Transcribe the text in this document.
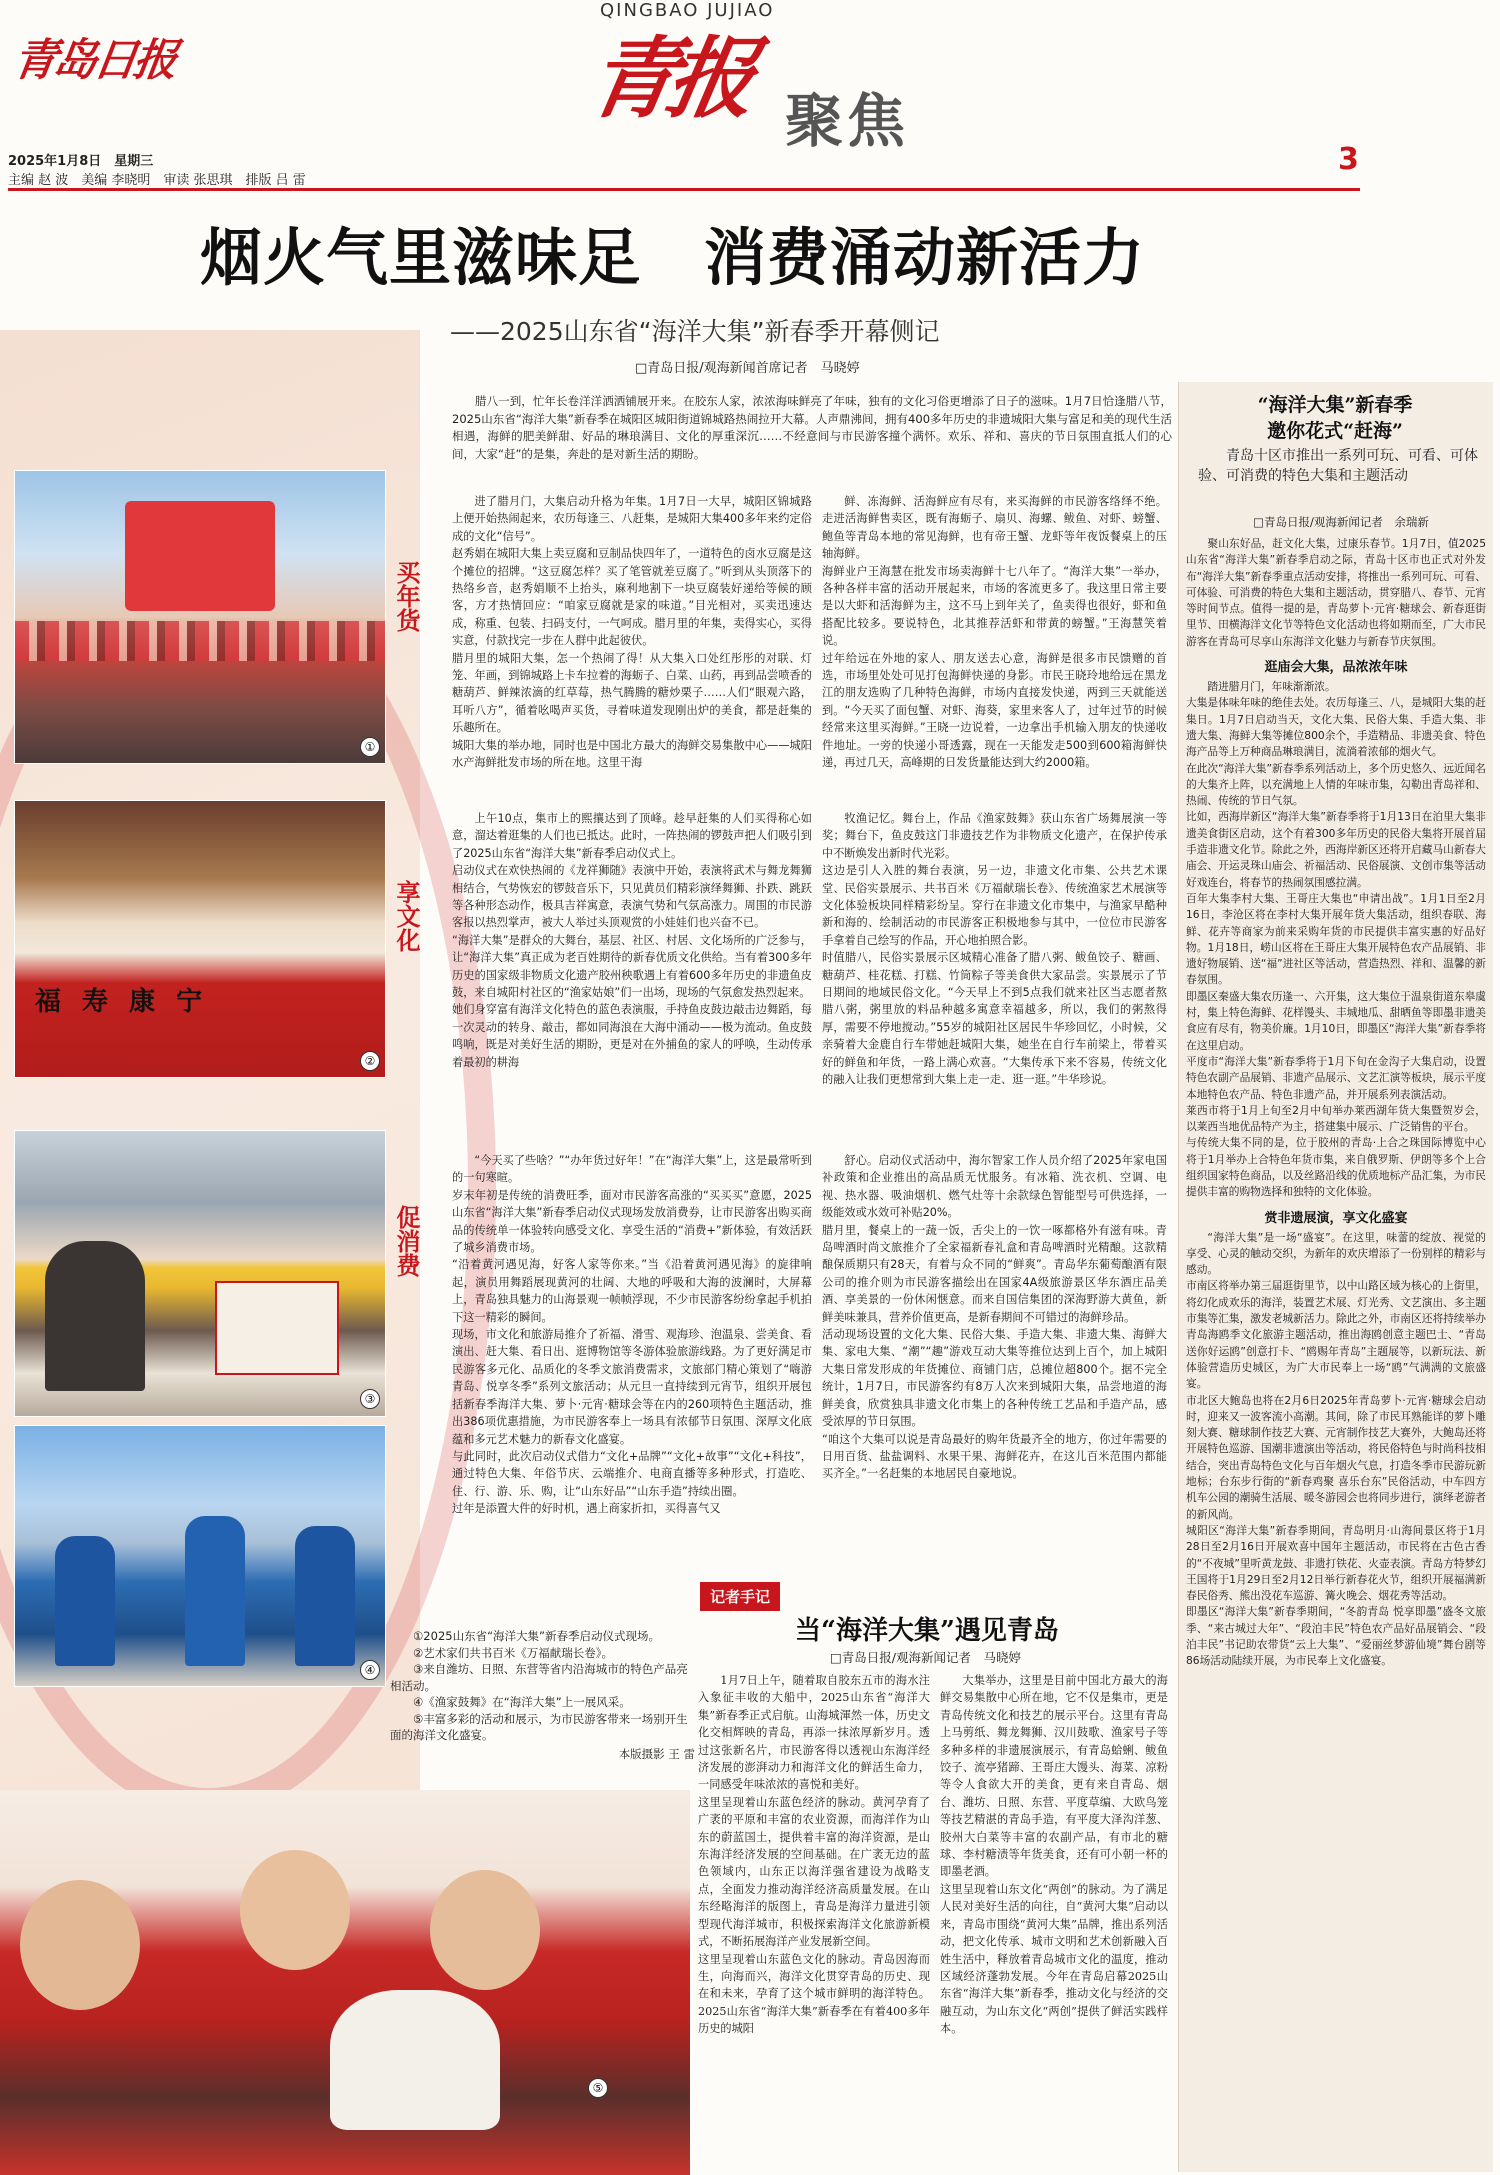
QINGBAO JUJIAO
青岛日报	青报 聚焦
2025年1月8日　星期三
主编 赵 波　美编 李晓明　审读 张思琪　排版 吕 雷
3
烟火气里滋味足　消费涌动新活力
——2025山东省“海洋大集”新春季开幕侧记
□青岛日报/观海新闻首席记者　马晓婷
腊八一到，忙年长卷洋洋洒洒铺展开来。在胶东人家，浓浓海味鲜亮了年味，独有的文化习俗更增添了日子的滋味。1月7日恰逢腊八节，2025山东省“海洋大集”新春季在城阳区城阳街道锦城路热闹拉开大幕。人声鼎沸间，拥有400多年历史的非遗城阳大集与富足和美的现代生活相遇，海鲜的肥美鲜甜、好品的琳琅满目、文化的厚重深沉……不经意间与市民游客撞个满怀。欢乐、祥和、喜庆的节日氛围直抵人们的心间，大家“赶”的是集，奔赴的是对新生活的期盼。
①
买年货
福 寿 康 宁
②
享文化
③
促消费
④
⑤
①2025山东省“海洋大集”新春季启动仪式现场。
②艺术家们共书百米《万福献瑞长卷》。
③来自潍坊、日照、东营等省内沿海城市的特色产品亮相活动。
④《渔家鼓舞》在“海洋大集”上一展风采。
⑤丰富多彩的活动和展示，为市民游客带来一场别开生面的海洋文化盛宴。
本版摄影 王 雷
进了腊月门，大集启动升格为年集。1月7日一大早，城阳区锦城路上便开始热闹起来，农历每逢三、八赶集，是城阳大集400多年来约定俗成的文化“信号”。
赵秀娟在城阳大集上卖豆腐和豆制品快四年了，一道特色的卤水豆腐是这个摊位的招牌。“这豆腐怎样？买了笔管就差豆腐了。”听到从头顶落下的热络乡音，赵秀娟顺不上抬头，麻利地割下一块豆腐装好递给等候的顾客，方才热情回应：“咱家豆腐就是家的味道。”目光相对，买卖迅速达成，称重、包装、扫码支付，一气呵成。腊月里的年集，卖得实心，买得实意，付款找完一步在人群中此起彼伏。
腊月里的城阳大集，怎一个热闹了得！从大集入口处红彤彤的对联、灯笼、年画，到锦城路上卡车拉着的海蛎子、白菜、山药，再到品尝喷香的糖葫芦、鲜辣浓滴的红草莓，热气腾腾的糖炒栗子……人们“眼观六路，耳听八方”，循着吆喝声买货，寻着味道发现刚出炉的美食，都是赶集的乐趣所在。
城阳大集的举办地，同时也是中国北方最大的海鲜交易集散中心——城阳水产海鲜批发市场的所在地。这里干海
鲜、冻海鲜、活海鲜应有尽有，来买海鲜的市民游客络绎不绝。走进活海鲜售卖区，既有海蛎子、扇贝、海螺、鲅鱼、对虾、螃蟹、鲍鱼等青岛本地的常见海鲜，也有帝王蟹、龙虾等年夜饭餐桌上的压轴海鲜。
海鲜业户王海慧在批发市场卖海鲜十七八年了。“海洋大集”一举办，各种各样丰富的活动开展起来，市场的客流更多了。我这里日常主要是以大虾和活海鲜为主，这不马上到年关了，鱼卖得也很好，虾和鱼搭配比较多。要说特色，北其推荐活虾和带黄的螃蟹。”王海慧笑着说。
过年给远在外地的家人、朋友送去心意，海鲜是很多市民馈赠的首选，市场里处处可见打包海鲜快递的身影。市民王晓玲地给远在黑龙江的朋友选购了几种特色海鲜，市场内直接发快递，两到三天就能送到。“今天买了面包蟹、对虾、海葵，家里来客人了，过年过节的时候经常来这里买海鲜。”王晓一边说着，一边拿出手机输入朋友的快递收件地址。一旁的快递小哥透露，现在一天能发走500到600箱海鲜快递，再过几天，高峰期的日发货量能达到大约2000箱。
上午10点，集市上的熙攘达到了顶峰。趁早赶集的人们买得称心如意，溜达着逛集的人们也已抵达。此时，一阵热闹的锣鼓声把人们吸引到了2025山东省“海洋大集”新春季启动仪式上。
启动仪式在欢快热闹的《龙祥狮随》表演中开始，表演将武术与舞龙舞狮相结合，气势恢宏的锣鼓音乐下，只见黄员们精彩演绎舞狮、扑跌、跳跃等各种形态动作，极具吉祥寓意，表演气势和气氛高涨力。周围的市民游客报以热烈掌声，被大人举过头顶观赏的小娃娃们也兴奋不已。
“海洋大集”是群众的大舞台，基层、社区、村居、文化场所的广泛参与，让“海洋大集”真正成为老百姓期待的新春优质文化供给。当有着300多年历史的国家级非物质文化遗产胶州秧歌遇上有着600多年历史的非遗鱼皮鼓，来自城阳村社区的“渔家姑娘”们一出场，现场的气氛愈发热烈起来。
她们身穿富有海洋文化特色的蓝色表演服，手持鱼皮鼓边敲击边舞蹈，每一次灵动的转身、敲击，都如同海浪在大海中涌动——极为流动。鱼皮鼓鸣响，既是对美好生活的期盼，更是对在外捕鱼的家人的呼唤，生动传承着最初的耕海
牧渔记忆。舞台上，作品《渔家鼓舞》获山东省广场舞展演一等奖；舞台下，鱼皮鼓这门非遗技艺作为非物质文化遗产，在保护传承中不断焕发出新时代光彩。
这边是引人入胜的舞台表演，另一边，非遗文化市集、公共艺术课堂、民俗实景展示、共书百米《万福献瑞长卷》、传统渔家艺术展演等文化体验板块同样精彩纷呈。穿行在非遗文化市集中，与渔家早酷种新和海的、绘制活动的市民游客正积极地参与其中，一位位市民游客手拿着自己绘写的作品，开心地拍照合影。
时值腊八，民俗实景展示区城精心准备了腊八粥、鲅鱼饺子、糖画、糖葫芦、桂花糕、打糕、竹筒粽子等美食供大家品尝。实景展示了节日期间的地域民俗文化。“今天早上不到5点我们就来社区当志愿者熬腊八粥，粥里放的料品种越多寓意幸福越多，所以，我们的粥熬得厚，需要不停地搅动。”55岁的城阳社区居民牛华珍回忆，小时候，父亲骑着大金鹿自行车带她赶城阳大集，她坐在自行车前梁上，带着买好的鲜鱼和年货，一路上满心欢喜。“大集传承下来不容易，传统文化的融入让我们更想常到大集上走一走、逛一逛。”牛华珍说。
“今天买了些啥？”“办年货过好年！”在“海洋大集”上，这是最常听到的一句寒暄。
岁末年初是传统的消费旺季，面对市民游客高涨的“买买买”意愿，2025山东省“海洋大集”新春季启动仪式现场发放消费券，让市民游客出购买商品的传统单一体验转向感受文化、享受生活的“消费+”新体验，有效活跃了城乡消费市场。
“沿着黄河遇见海，好客人家等你来。”当《沿着黄河遇见海》的旋律响起，演员用舞蹈展现黄河的壮阔、大地的呼吸和大海的波澜时，大屏幕上，青岛独具魅力的山海景观一帧帧浮现，不少市民游客纷纷拿起手机拍下这一精彩的瞬间。
现场，市文化和旅游局推介了祈福、滑雪、观海珍、泡温泉、尝美食、看演出、赶大集、看日出、逛博物馆等冬游体验旅游线路。为了更好满足市民游客多元化、品质化的冬季文旅消费需求，文旅部门精心策划了“嗨游青岛、悦享冬季”系列文旅活动；从元旦一直持续到元宵节，组织开展包括新春季海洋大集、萝卜·元宵·糖球会等在内的260项特色主题活动，推出386项优惠措施，为市民游客奉上一场具有浓郁节日氛围、深厚文化底蕴和多元艺术魅力的新春文化盛宴。
与此同时，此次启动仪式借力“文化+品牌”“文化+故事”“文化+科技”，通过特色大集、年俗节庆、云端推介、电商直播等多种形式，打造吃、住、行、游、乐、购，让“山东好品”“山东手造”持续出圈。
过年是添置大件的好时机，遇上商家折扣，买得喜气又
舒心。启动仪式活动中，海尔智家工作人员介绍了2025年家电国补政策和企业推出的高品质无忧服务。有冰箱、洗衣机、空调、电视、热水器、吸油烟机、燃气灶等十余款绿色智能型号可供选择，一级能效或水效可补贴20%。
腊月里，餐桌上的一蔬一饭，舌尖上的一饮一啄都格外有滋有味。青岛啤酒时尚文旅推介了全家福新春礼盒和青岛啤酒时光精酿。这款精酿保质期只有28天，有着与众不同的“鲜爽”。青岛华东葡萄酿酒有限公司的推介则为市民游客描绘出在国家4A级旅游景区华东酒庄品美酒、享美景的一份休闲惬意。而来自国信集团的深海野游大黄鱼，新鲜美味兼具，营养价值更高，是新春期间不可错过的海鲜珍品。
活动现场设置的文化大集、民俗大集、手造大集、非遗大集、海鲜大集、家电大集、“潮”“趣”游戏互动大集等推位达到上百个，加上城阳大集日常发形成的年货摊位、商铺门店，总摊位超800个。据不完全统计，1月7日，市民游客约有8万人次来到城阳大集，品尝地道的海鲜美食，欣赏独具非遗文化市集上的各种传统工艺品和手造产品，感受浓厚的节日氛围。
“咱这个大集可以说是青岛最好的购年货最齐全的地方，你过年需要的日用百货、盐盐调料、水果干果、海鲜花卉，在这儿百米范围内都能买齐全。”一名赶集的本地居民自豪地说。
记者手记
当“海洋大集”遇见青岛
□青岛日报/观海新闻记者　马晓婷
1月7日上午，随着取自胶东五市的海水注入象征丰收的大船中，2025山东省“海洋大集”新春季正式启航。山海城渾然一体，历史文化交相辉映的青岛，再添一抹浓厚新岁月。透过这张新名片，市民游客得以透视山东海洋经济发展的澎湃动力和海洋文化的鲜活生命力，一同感受年味浓浓的喜悦和美好。
这里呈现着山东蓝色经济的脉动。黄河孕育了广袤的平原和丰富的农业资源，而海洋作为山东的蔚蓝国土，提供着丰富的海洋资源，是山东海洋经济发展的空间基础。在广袤无边的蓝色领域内，山东正以海洋强省建设为战略支点，全面发力推动海洋经济高质量发展。在山东经略海洋的版图上，青岛是海洋力量进引领型现代海洋城市，积极探索海洋文化旅游新模式，不断拓展海洋产业发展新空间。
这里呈现着山东蓝色文化的脉动。青岛因海而生，向海而兴，海洋文化贯穿青岛的历史、现在和未来，孕育了这个城市鲜明的海洋特色。2025山东省“海洋大集”新春季在有着400多年历史的城阳
大集举办，这里是目前中国北方最大的海鲜交易集散中心所在地，它不仅是集市，更是青岛传统文化和技艺的展示平台。这里有青岛上马剪纸、舞龙舞狮、汉川鼓歌、渔家号子等多种多样的非遗展演展示，有青岛蛤蜊、鲅鱼饺子、流亭猪蹄、王哥庄大馒头、海菜、凉粉等令人食欲大开的美食，更有来自青岛、烟台、潍坊、日照、东营、平度草编、大欧鸟笼等技艺精湛的青岛手造，有平度大泽沟洋葱、胶州大白菜等丰富的农副产品，有市北的糖球、李村糖渍等年货美食，还有可小朝一杯的即墨老酒。
这里呈现着山东文化“两创”的脉动。为了满足人民对美好生活的向往，自“黄河大集”启动以来，青岛市围绕“黄河大集”品牌，推出系列活动，把文化传承、城市文明和艺术创新融入百姓生活中，释放着青岛城市文化的温度，推动区域经济蓬勃发展。今年在青岛启幕2025山东省“海洋大集”新春季，推动文化与经济的交融互动，为山东文化“两创”提供了鲜活实践样本。
“海洋大集”新春季
邀你花式“赶海”
青岛十区市推出一系列可玩、可看、可体验、可消费的特色大集和主题活动
□青岛日报/观海新闻记者　余瑞新
聚山东好品，赶文化大集，过康乐春节。1月7日，值2025山东省“海洋大集”新春季启动之际，青岛十区市也正式对外发布“海洋大集”新春季重点活动安排，将推出一系列可玩、可看、可体验、可消费的特色大集和主题活动，贯穿腊八、春节、元宵等时间节点。值得一提的是，青岛萝卜·元宵·糖球会、新春逛街里节、田横海洋文化节等特色文化活动也将如期而至，广大市民游客在青岛可尽享山东海洋文化魅力与新春节庆氛围。
逛庙会大集，品浓浓年味
踏进腊月门，年味渐渐浓。
大集是体味年味的绝佳去处。农历每逢三、八，是城阳大集的赶集日。1月7日启动当天，文化大集、民俗大集、手造大集、非遗大集、海鲜大集等摊位800余个，手造精品、非遗美食、特色海产品等上万种商品琳琅满目，流淌着浓郁的烟火气。
在此次“海洋大集”新春季系列活动上，多个历史悠久、远近闻名的大集齐上阵，以充满地上人情的年味市集，勾勒出青岛祥和、热闹、传统的节日气氛。
比如，西海岸新区“海洋大集”新春季将于1月13日在泊里大集非遗美食街区启动，这个有着300多年历史的民俗大集将开展首届手造非遗文化节。除此之外，西海岸新区还将开启藏马山新春大庙会、开运灵珠山庙会、祈福活动、民俗展演、文创市集等活动好戏连台，将春节的热闹氛围感拉满。
百年大集李村大集、王哥庄大集也“申请出战”。1月1日至2月16日，李沧区将在李村大集开展年货大集活动，组织春联、海鲜、花卉等商家为前来采购年货的市民提供丰富实惠的好品好物。1月18日，崂山区将在王哥庄大集开展特色农产品展销、非遗好物展销、送“福”进社区等活动，营造热烈、祥和、温馨的新春氛围。
即墨区秦盛大集农历逢一、六开集，这大集位于温泉街道东皋虞村，集上特色海鲜、花样馒头、丰城地瓜、甜晒鱼等即墨非遗美食应有尽有，物美价廉。1月10日，即墨区“海洋大集”新春季将在这里启动。
平度市“海洋大集”新春季将于1月下旬在金沟子大集启动，设置特色农副产品展销、非遗产品展示、文艺汇演等板块，展示平度本地特色农产品、特色非遗产品，并开展系列表演活动。
莱西市将于1月上旬至2月中旬举办莱西湖年货大集暨贺岁会，以莱西当地优品特产为主，搭建集中展示、广泛销售的平台。
与传统大集不同的是，位于胶州的青岛·上合之珠国际博览中心将于1月举办上合特色年货市集，来自俄罗斯、伊朗等多个上合组织国家特色商品，以及丝路沿线的优质地标产品汇集，为市民提供丰富的购物选择和独特的文化体验。
赏非遗展演，享文化盛宴
“海洋大集”是一场“盛宴”。在这里，味蕾的绽放、视觉的享受、心灵的触动交织，为新年的欢庆增添了一份别样的精彩与感动。
市南区将举办第三届逛街里节，以中山路区域为核心的上街里，将幻化成欢乐的海洋，装置艺术展、灯光秀、文艺演出、多主题市集等汇集，激发老城新活力。除此之外，市南区还将持续举办青岛海鸥季文化旅游主题活动，推出海鸥创意主题巴士、“青岛送你好运鸥”创意打卡、“鸥赐年青岛”主题展等，以新玩法、新体验营造历史城区，为广大市民奉上一场“鸥”气满满的文旅盛宴。
市北区大鲍岛也将在2月6日2025年青岛萝卜·元宵·糖球会启动时，迎来又一波客流小高潮。其间，除了市民耳熟能详的萝卜雕刻大赛、糖球制作技艺大赛、元宵制作技艺大赛外，大鲍岛还将开展特色巡游、国潮非遗演出等活动，将民俗特色与时尚科技相结合，突出青岛特色文化与百年烟火气息，打造冬季市民游玩新地标；台东步行街的“新春鸡聚 喜乐台东”民俗活动，中车四方机车公园的潮骑生活展、暖冬游园会也将同步进行，演绎老游者的新风尚。
城阳区“海洋大集”新春季期间，青岛明月·山海间景区将于1月28日至2月16日开展欢喜中国年主题活动，市民将在古色古香的“不夜城”里听黄龙鼓、非遗打铁花、火壶表演。青岛方特梦幻王国将于1月29日至2月12日举行新春花火节，组织开展福满新春民俗秀、熊出没花车巡游、篝火晚会、烟花秀等活动。
即墨区“海洋大集”新春季期间，“冬韵青岛 悦享即墨”盛冬文旅季、“来古城过大年”、“段泊丰民”特色农产品好品展销会、“段泊丰民”书记助农带货“云上大集”、“爱丽丝梦游仙境”舞台剧等86场活动陆续开展，为市民奉上文化盛宴。
